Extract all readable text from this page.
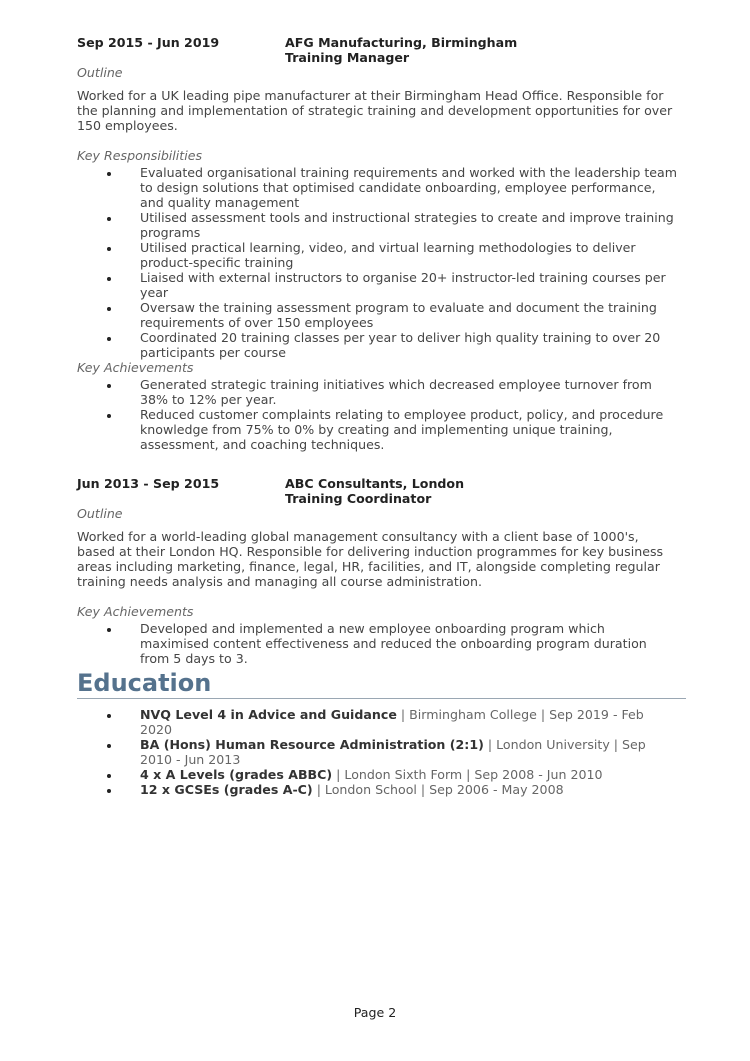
Sep 2015 - Jun 2019	AFG Manufacturing, Birmingham
Training Manager
Outline
Worked for a UK leading pipe manufacturer at their Birmingham Head Office. Responsible for the planning and implementation of strategic training and development opportunities for over 150 employees.
Key Responsibilities
Evaluated organisational training requirements and worked with the leadership team to design solutions that optimised candidate onboarding, employee performance, and quality management
Utilised assessment tools and instructional strategies to create and improve training programs
Utilised practical learning, video, and virtual learning methodologies to deliver product-specific training
Liaised with external instructors to organise 20+ instructor-led training courses per year
Oversaw the training assessment program to evaluate and document the training requirements of over 150 employees
Coordinated 20 training classes per year to deliver high quality training to over 20 participants per course
Key Achievements
Generated strategic training initiatives which decreased employee turnover from 38% to 12% per year.
Reduced customer complaints relating to employee product, policy, and procedure knowledge from 75% to 0% by creating and implementing unique training, assessment, and coaching techniques.
Jun 2013 - Sep 2015	ABC Consultants, London
Training Coordinator
Outline
Worked for a world-leading global management consultancy with a client base of 1000's, based at their London HQ. Responsible for delivering induction programmes for key business areas including marketing, finance, legal, HR, facilities, and IT, alongside completing regular training needs analysis and managing all course administration.
Key Achievements
Developed and implemented a new employee onboarding program which maximised content effectiveness and reduced the onboarding program duration from 5 days to 3.
Education
NVQ Level 4 in Advice and Guidance | Birmingham College | Sep 2019 - Feb 2020
BA (Hons) Human Resource Administration (2:1) | London University | Sep 2010 - Jun 2013
4 x A Levels (grades ABBC) | London Sixth Form | Sep 2008 - Jun 2010
12 x GCSEs (grades A-C) | London School | Sep 2006 - May 2008
Page 2
